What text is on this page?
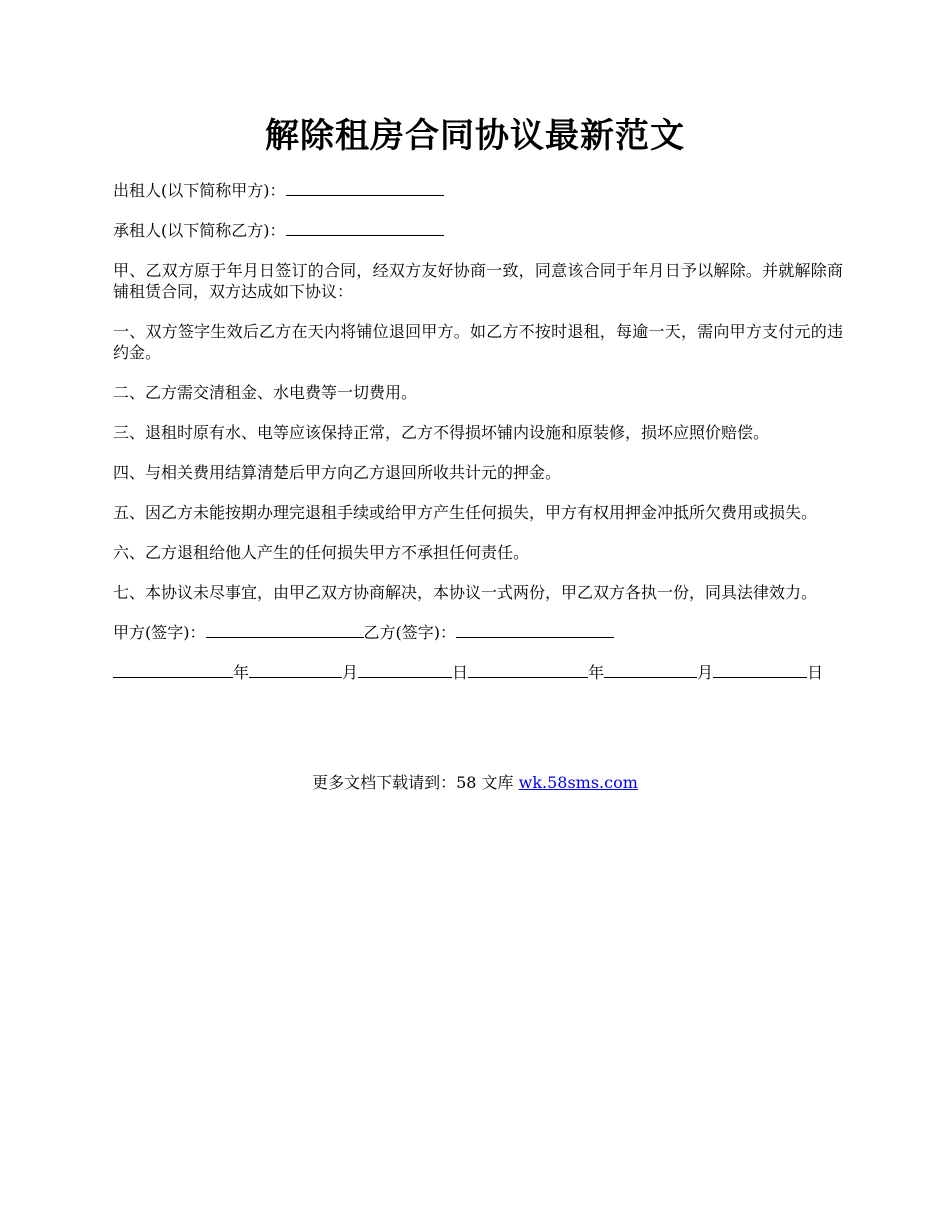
解除租房合同协议最新范文

出租人(以下简称甲方)：

承租人(以下简称乙方)：

甲、乙双方原于年月日签订的合同，经双方友好协商一致，同意该合同于年月日予以解除。并就解除商铺租赁合同，双方达成如下协议：

一、双方签字生效后乙方在天内将铺位退回甲方。如乙方不按时退租，每逾一天，需向甲方支付元的违约金。

二、乙方需交清租金、水电费等一切费用。

三、退租时原有水、电等应该保持正常，乙方不得损坏铺内设施和原装修，损坏应照价赔偿。

四、与相关费用结算清楚后甲方向乙方退回所收共计元的押金。

五、因乙方未能按期办理完退租手续或给甲方产生任何损失，甲方有权用押金冲抵所欠费用或损失。

六、乙方退租给他人产生的任何损失甲方不承担任何责任。

七、本协议未尽事宜，由甲乙双方协商解决，本协议一式两份，甲乙双方各执一份，同具法律效力。

甲方(签字)：	乙方(签字)：

年	月	日	年	月	日

更多文档下载请到：58 文库 wk.58sms.com
